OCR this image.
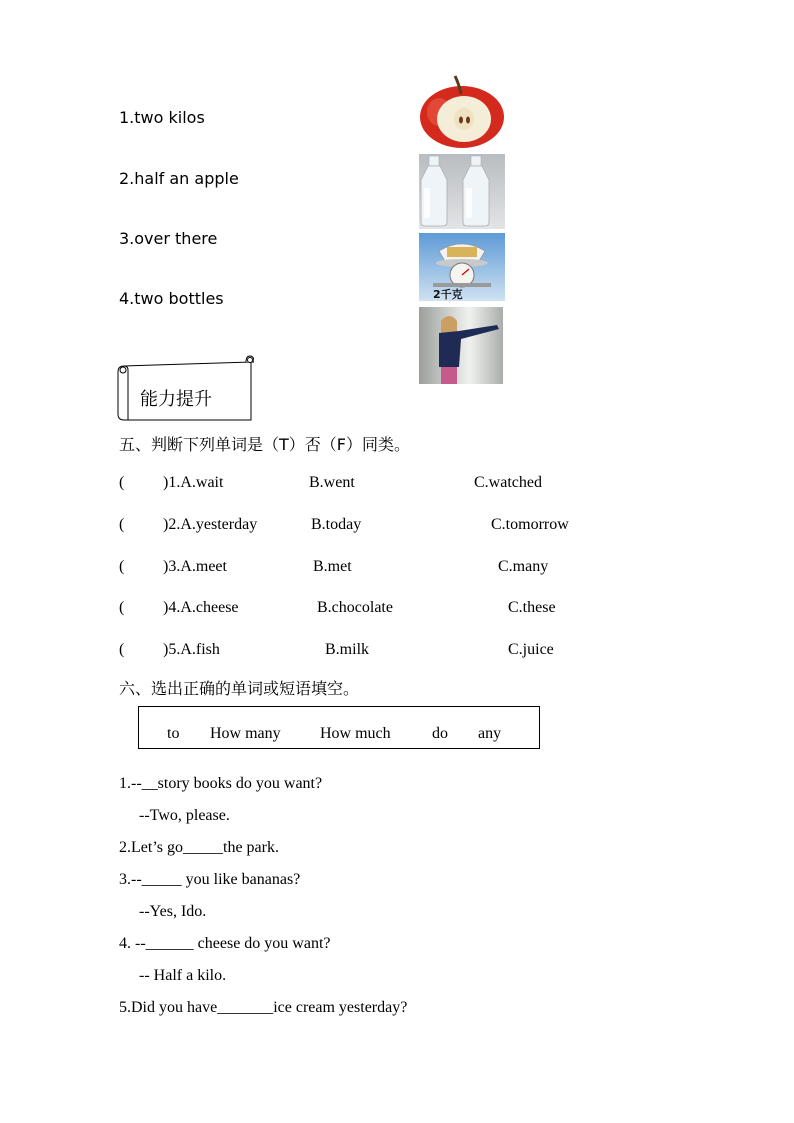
1.two kilos
2.half an apple
3.over there
4.two bottles	2千克
能力提升
五、判断下列单词是（T）否（F）同类。
( )1.A.wait	B.went	C.watched
( )2.A.yesterday	B.today	C.tomorrow
( )3.A.meet	B.met	C.many
( )4.A.cheese	B.chocolate	C.these
( )5.A.fish	B.milk	C.juice
六、选出正确的单词或短语填空。
to How many How much	do any
1.--__story books do you want?
--Two, please.
2.Let’s go_____the park.
3.--_____ you like bananas?
--Yes, Ido.
4. --______ cheese do you want?
-- Half a kilo.
5.Did you have_______ice cream yesterday?
